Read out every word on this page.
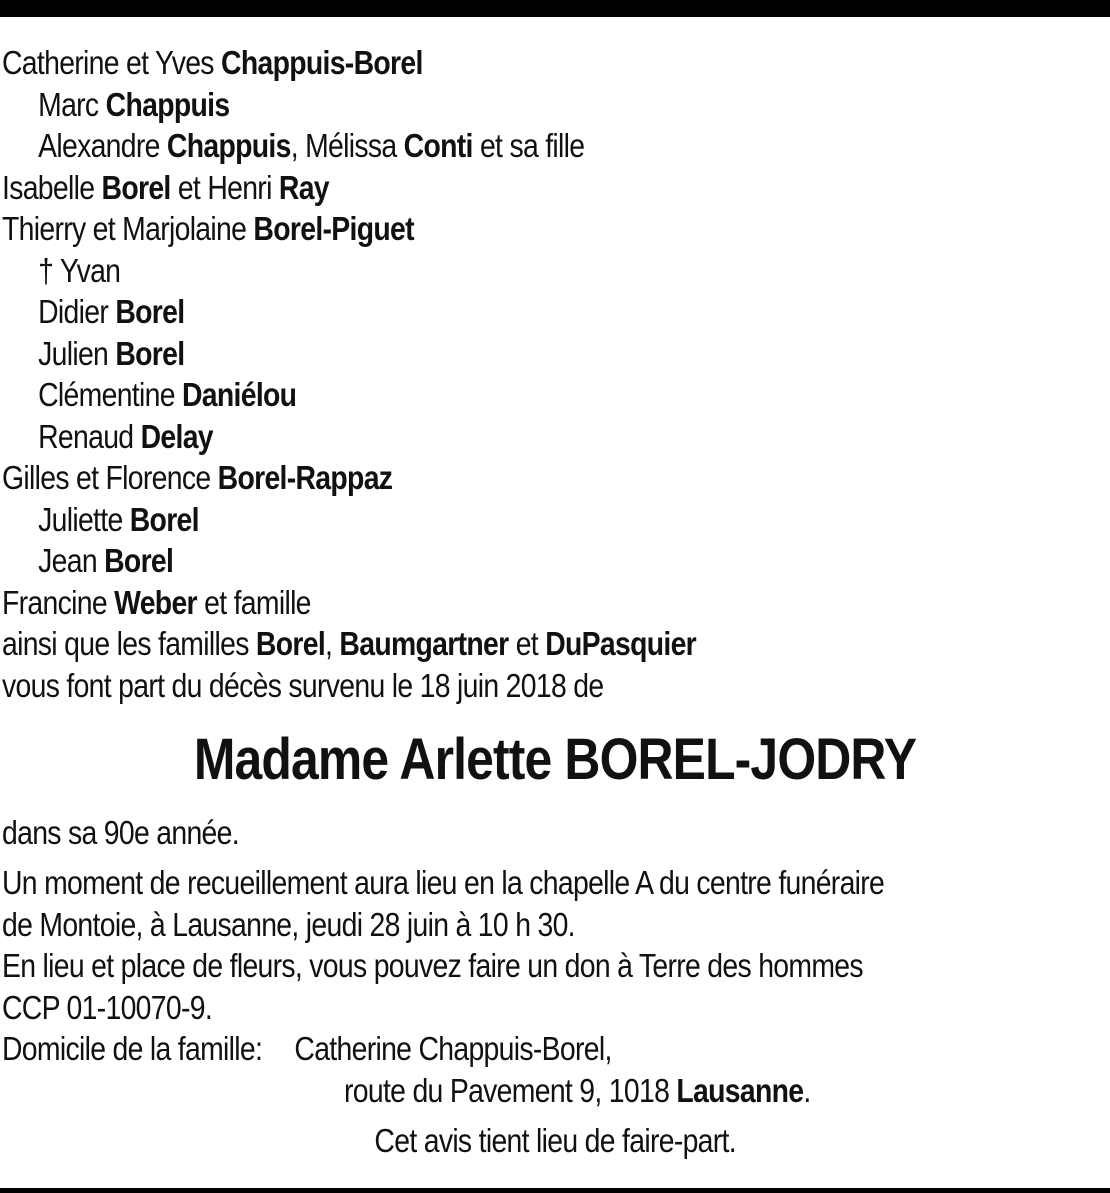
Catherine et Yves Chappuis-Borel
Marc Chappuis
Alexandre Chappuis, Mélissa Conti et sa fille
Isabelle Borel et Henri Ray
Thierry et Marjolaine Borel-Piguet
† Yvan
Didier Borel
Julien Borel
Clémentine Daniélou
Renaud Delay
Gilles et Florence Borel-Rappaz
Juliette Borel
Jean Borel
Francine Weber et famille
ainsi que les familles Borel, Baumgartner et DuPasquier
vous font part du décès survenu le 18 juin 2018 de
Madame Arlette BOREL-JODRY
dans sa 90e année.
Un moment de recueillement aura lieu en la chapelle A du centre funéraire
de Montoie, à Lausanne, jeudi 28 juin à 10 h 30.
En lieu et place de fleurs, vous pouvez faire un don à Terre des hommes
CCP 01-10070-9.
Domicile de la famille:Catherine Chappuis-Borel,
route du Pavement 9, 1018 Lausanne.
Cet avis tient lieu de faire-part.
